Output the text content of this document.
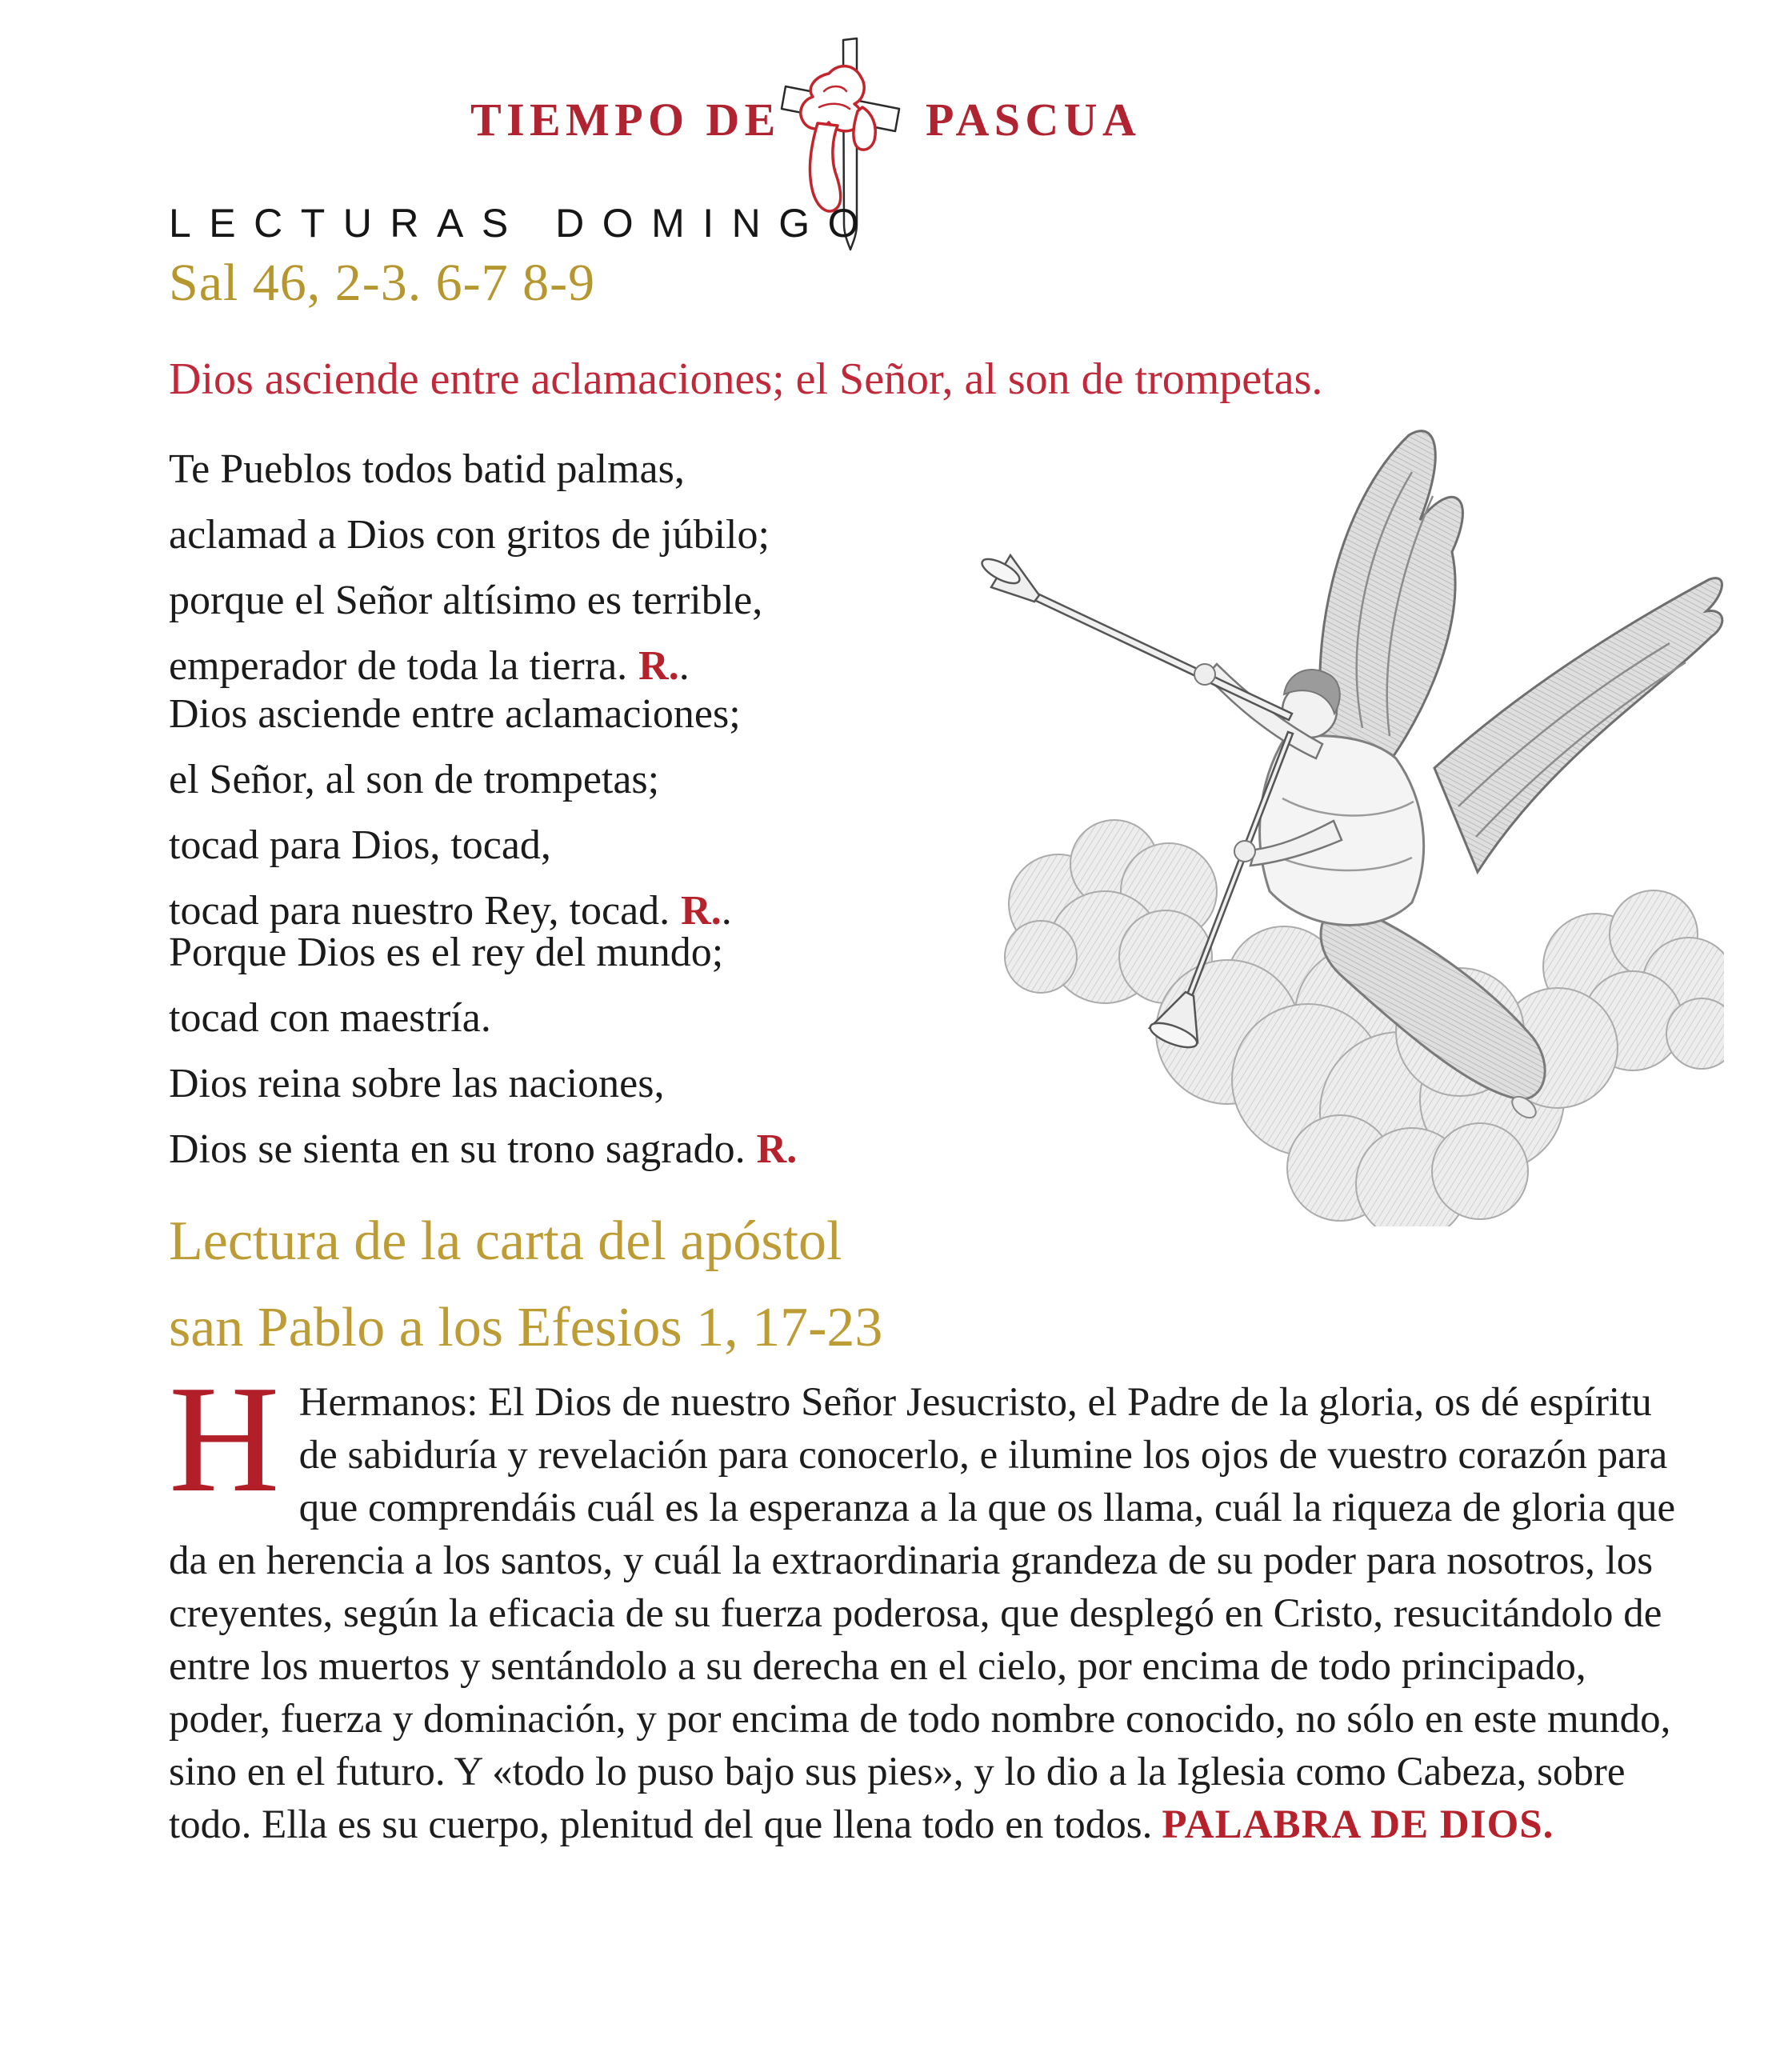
TIEMPO DE	PASCUA
LECTURAS DOMINGO
Sal 46, 2-3. 6-7 8-9
Dios asciende entre aclamaciones; el Señor, al son de trompetas.
Te Pueblos todos batid palmas,
aclamad a Dios con gritos de júbilo;
porque el Señor altísimo es terrible,
emperador de toda la tierra. R..
Dios asciende entre aclamaciones;
el Señor, al son de trompetas;
tocad para Dios, tocad,
tocad para nuestro Rey, tocad. R..
Porque Dios es el rey del mundo;
tocad con maestría.
Dios reina sobre las naciones,
Dios se sienta en su trono sagrado. R.
Lectura de la carta del apóstol
san Pablo a los Efesios 1, 17-23

H Hermanos: El Dios de nuestro Señor Jesucristo, el Padre de la gloria, os dé espíritu de sabiduría y revelación para conocerlo, e ilumine los ojos de vuestro corazón para que comprendáis cuál es la esperanza a la que os llama, cuál la riqueza de gloria que da en herencia a los santos, y cuál la extraordinaria grandeza de su poder para nosotros, los creyentes, según la eficacia de su fuerza poderosa, que desplegó en Cristo, resucitándolo de entre los muertos y sentándolo a su derecha en el cielo, por encima de todo principado, poder, fuerza y dominación, y por encima de todo nombre conocido, no sólo en este mundo, sino en el futuro. Y «todo lo puso bajo sus pies», y lo dio a la Iglesia como Cabeza, sobre todo. Ella es su cuerpo, plenitud del que llena todo en todos. PALABRA DE DIOS.
